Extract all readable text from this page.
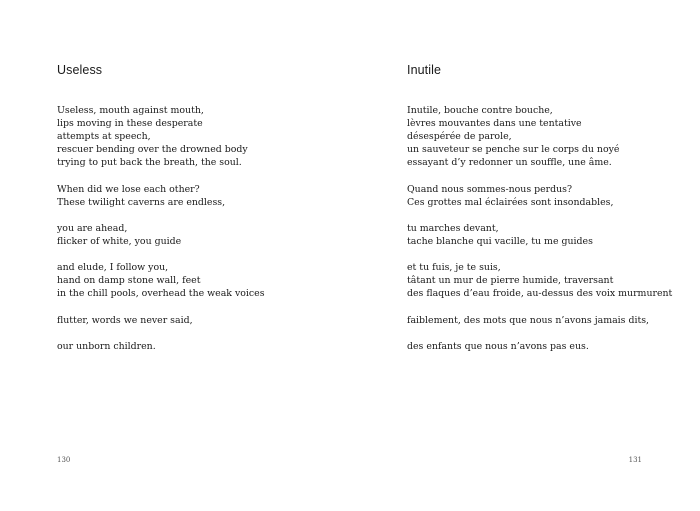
Useless

Useless, mouth against mouth,
lips moving in these desperate
attempts at speech,
rescuer bending over the drowned body
trying to put back the breath, the soul.

When did we lose each other?
These twilight caverns are endless,

you are ahead,
flicker of white, you guide

and elude, I follow you,
hand on damp stone wall, feet
in the chill pools, overhead the weak voices

flutter, words we never said,

our unborn children.

130
Inutile

Inutile, bouche contre bouche,
lèvres mouvantes dans une tentative
désespérée de parole,
un sauveteur se penche sur le corps du noyé
essayant d’y redonner un souffle, une âme.

Quand nous sommes-nous perdus?
Ces grottes mal éclairées sont insondables,

tu marches devant,
tache blanche qui vacille, tu me guides

et tu fuis, je te suis,
tâtant un mur de pierre humide, traversant
des flaques d’eau froide, au-dessus des voix murmurent

faiblement, des mots que nous n’avons jamais dits,

des enfants que nous n’avons pas eus.

131
